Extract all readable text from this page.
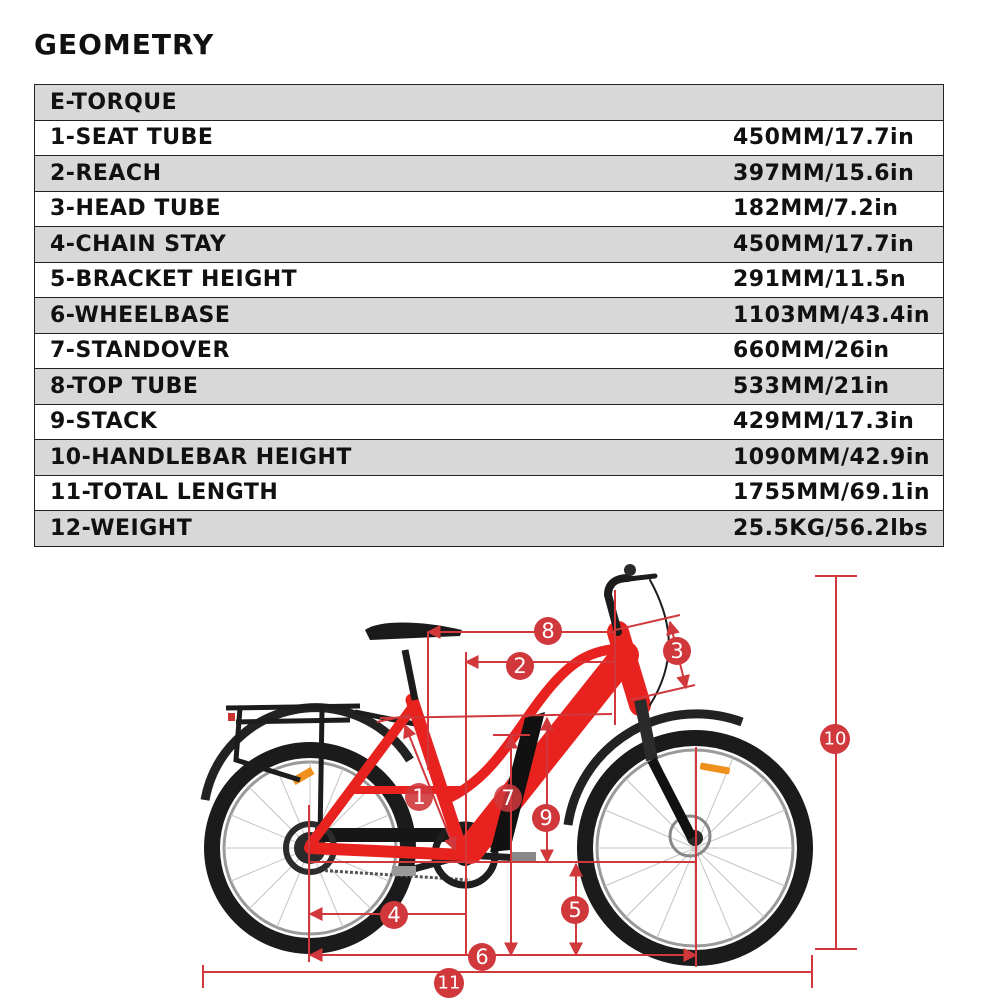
GEOMETRY
E-TORQUE	
1-SEAT TUBE	450MM/17.7in
2-REACH	397MM/15.6in
3-HEAD TUBE	182MM/7.2in
4-CHAIN STAY	450MM/17.7in
5-BRACKET HEIGHT	291MM/11.5n
6-WHEELBASE	1103MM/43.4in
7-STANDOVER	660MM/26in
8-TOP TUBE	533MM/21in
9-STACK	429MM/17.3in
10-HANDLEBAR HEIGHT	1090MM/42.9in
11-TOTAL LENGTH	1755MM/69.1in
12-WEIGHT	25.5KG/56.2lbs
1
2
3
4	5
6
7
8
9
10
11
